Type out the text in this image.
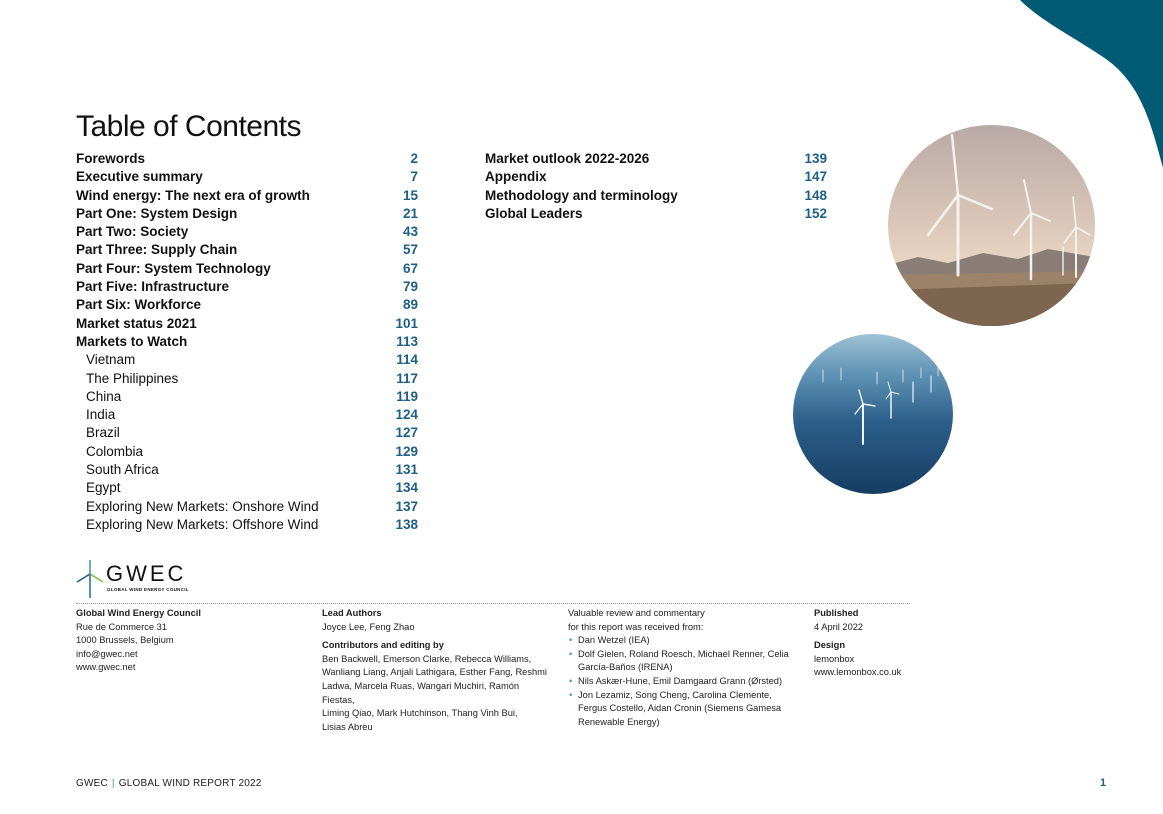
Table of Contents
Forewords	2
Executive summary	7
Wind energy: The next era of growth	15
Part One: System Design	21
Part Two: Society	43
Part Three: Supply Chain	57
Part Four: System Technology	67
Part Five: Infrastructure	79
Part Six: Workforce	89
Market status 2021	101
Markets to Watch	113
Vietnam	114
The Philippines	117
China	119
India	124
Brazil	127
Colombia	129
South Africa	131
Egypt	134
Exploring New Markets: Onshore Wind	137
Exploring New Markets: Offshore Wind	138
Market outlook 2022-2026	139
Appendix	147
Methodology and terminology	148
Global Leaders	152
GWEC
GLOBAL WIND ENERGY COUNCIL

Global Wind Energy Council

Rue de Commerce 31

1000 Brussels, Belgium

info@gwec.net

www.gwec.net

Lead Authors

Joyce Lee, Feng Zhao

Contributors and editing by

Ben Backwell, Emerson Clarke, Rebecca Williams,

Wanliang Liang, Anjali Lathigara, Esther Fang, Reshmi

Ladwa, Marcela Ruas, Wangari Muchiri, Ramón Fiestas,

Liming Qiao, Mark Hutchinson, Thang Vinh Bui,

Lisias Abreu

Valuable review and commentary

for this report was received from:

• Dan Wetzel (IEA)
• Dolf Gielen, Roland Roesch, Michael Renner, Celia
García-Baños (IRENA)
• Nils Askær-Hune, Emil Damgaard Grann (Ørsted)
• Jon Lezamiz, Song Cheng, Carolina Clemente,
Fergus Costello, Aidan Cronin (Siemens Gamesa
Renewable Energy)

Published

4 April 2022

Design

lemonbox

www.lemonbox.co.uk

GWEC | GLOBAL WIND REPORT 2022	1
